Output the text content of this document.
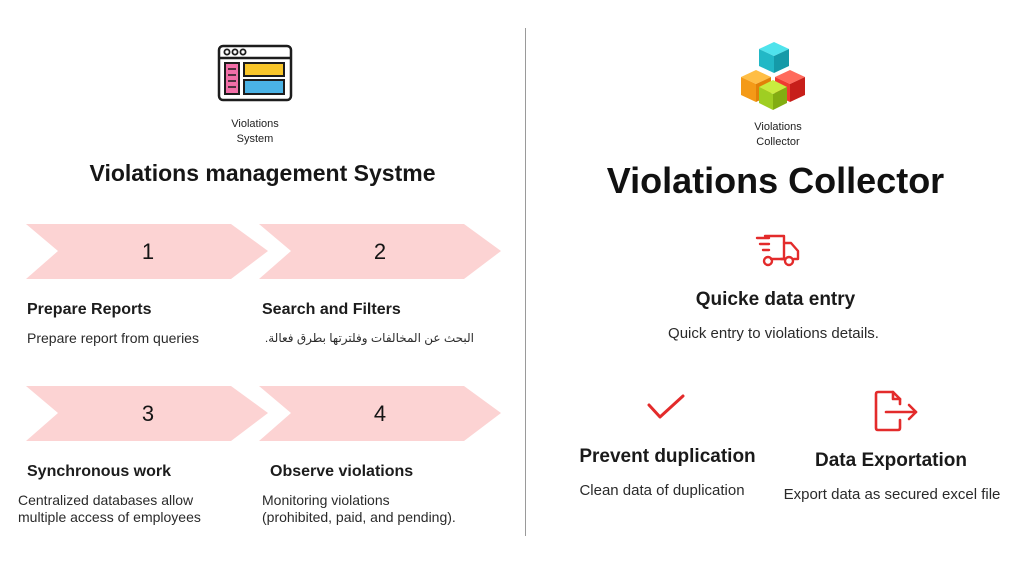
Violations
System
Violations management Systme
1	2
3	4
Prepare Reports
Prepare report from queries
Search and Filters
البحث عن المخالفات وفلترتها بطرق فعالة.
Synchronous work
Centralized databases allow
multiple access of employees
Observe violations
Monitoring violations
(prohibited, paid, and pending).
Violations
Collector
Violations Collector
Quicke data entry
Quick entry to violations details.
Prevent duplication
Clean data of duplication
Data Exportation
Export data as secured excel file
